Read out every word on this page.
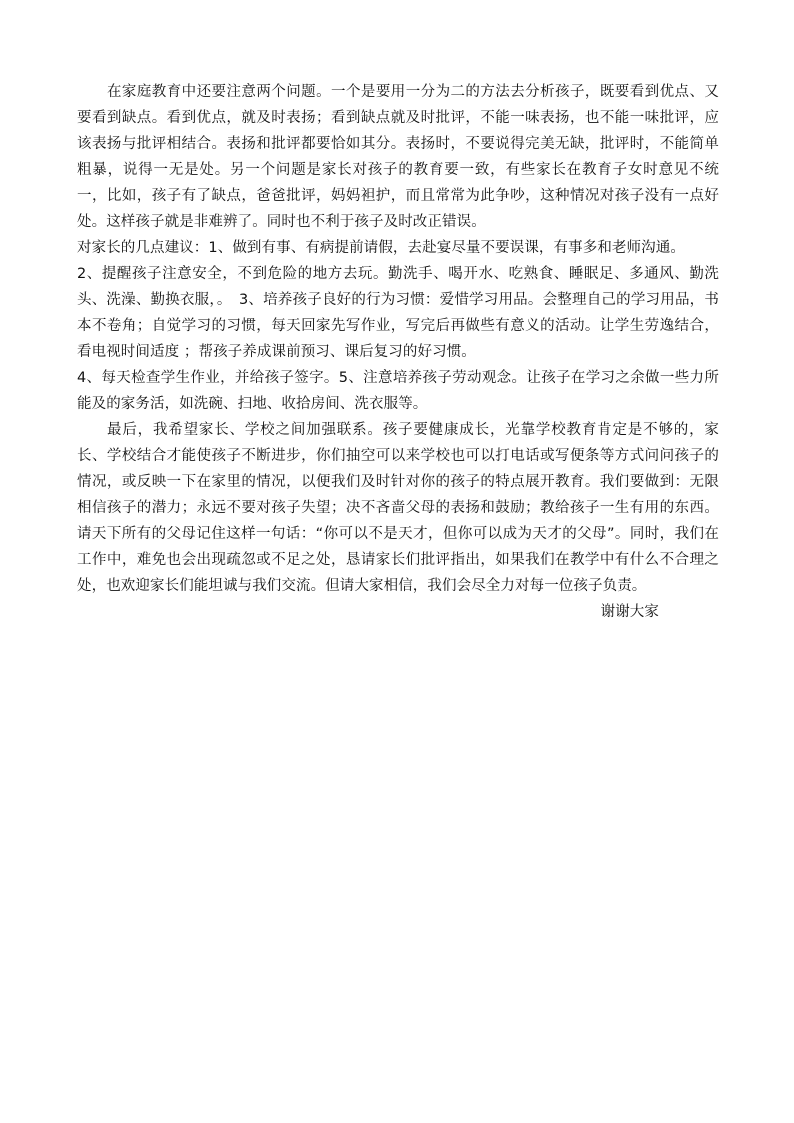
在家庭教育中还要注意两个问题。一个是要用一分为二的方法去分析孩子，既要看到优点、又要看到缺点。看到优点，就及时表扬；看到缺点就及时批评，不能一味表扬，也不能一味批评，应该表扬与批评相结合。表扬和批评都要恰如其分。表扬时，不要说得完美无缺，批评时，不能简单粗暴，说得一无是处。另一个问题是家长对孩子的教育要一致，有些家长在教育子女时意见不统一，比如，孩子有了缺点，爸爸批评，妈妈袒护，而且常常为此争吵，这种情况对孩子没有一点好处。这样孩子就是非难辨了。同时也不利于孩子及时改正错误。

对家长的几点建议：1、做到有事、有病提前请假，去赴宴尽量不要误课，有事多和老师沟通。

2、提醒孩子注意安全，不到危险的地方去玩。勤洗手、喝开水、吃熟食、睡眠足、多通风、勤洗头、洗澡、勤换衣服，。　3、培养孩子良好的行为习惯：爱惜学习用品。会整理自己的学习用品，书本不卷角；自觉学习的习惯，每天回家先写作业，写完后再做些有意义的活动。让学生劳逸结合，看电视时间适度 ；帮孩子养成课前预习、课后复习的好习惯。

4、每天检查学生作业，并给孩子签字。5、注意培养孩子劳动观念。让孩子在学习之余做一些力所能及的家务活，如洗碗、扫地、收拾房间、洗衣服等。

最后，我希望家长、学校之间加强联系。孩子要健康成长，光靠学校教育肯定是不够的，家长、学校结合才能使孩子不断进步，你们抽空可以来学校也可以打电话或写便条等方式问问孩子的情况，或反映一下在家里的情况，以便我们及时针对你的孩子的特点展开教育。我们要做到：无限相信孩子的潜力；永远不要对孩子失望；决不吝啬父母的表扬和鼓励；教给孩子一生有用的东西。请天下所有的父母记住这样一句话：“你可以不是天才，但你可以成为天才的父母”。同时，我们在工作中，难免也会出现疏忽或不足之处，恳请家长们批评指出，如果我们在教学中有什么不合理之处，也欢迎家长们能坦诚与我们交流。但请大家相信，我们会尽全力对每一位孩子负责。

谢谢大家
